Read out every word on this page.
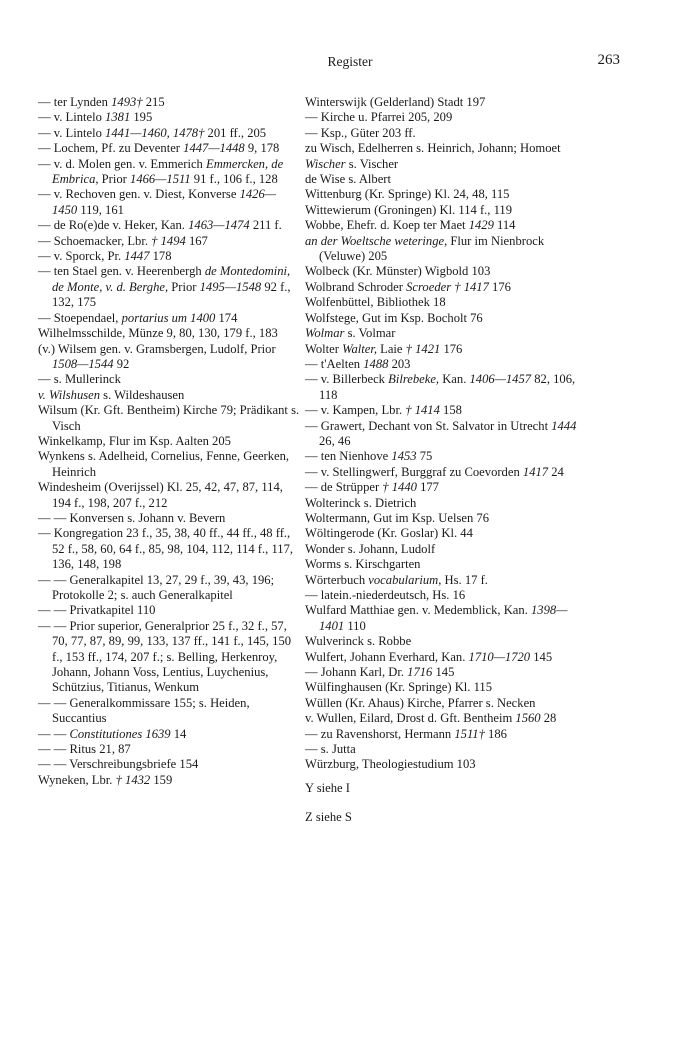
Register	263
— ter Lynden 1493† 215
— v. Lintelo 1381 195
— v. Lintelo 1441—1460, 1478† 201 ff., 205
— Lochem, Pf. zu Deventer 1447—1448 9, 178
— v. d. Molen gen. v. Emmerich Emmercken, de Embrica, Prior 1466—1511 91 f., 106 f., 128
— v. Rechoven gen. v. Diest, Konverse 1426—1450 119, 161
— de Ro(e)de v. Heker, Kan. 1463—1474 211 f.
— Schoemacker, Lbr. † 1494 167
— v. Sporck, Pr. 1447 178
— ten Stael gen. v. Heerenbergh de Montedomini, de Monte, v. d. Berghe, Prior 1495—1548 92 f., 132, 175
— Stoependael, portarius um 1400 174
Wilhelmsschilde, Münze 9, 80, 130, 179 f., 183
(v.) Wilsem gen. v. Gramsbergen, Ludolf, Prior 1508—1544 92
— s. Mullerinck
v. Wilshusen s. Wildeshausen
Wilsum (Kr. Gft. Bentheim) Kirche 79; Prädikant s. Visch
Winkelkamp, Flur im Ksp. Aalten 205
Wynkens s. Adelheid, Cornelius, Fenne, Geerken, Heinrich
Windesheim (Overijssel) Kl. 25, 42, 47, 87, 114, 194 f., 198, 207 f., 212
— — Konversen s. Johann v. Bevern
— Kongregation 23 f., 35, 38, 40 ff., 44 ff., 48 ff., 52 f., 58, 60, 64 f., 85, 98, 104, 112, 114 f., 117, 136, 148, 198
— — Generalkapitel 13, 27, 29 f., 39, 43, 196; Protokolle 2; s. auch Generalkapitel
— — Privatkapitel 110
— — Prior superior, Generalprior 25 f., 32 f., 57, 70, 77, 87, 89, 99, 133, 137 ff., 141 f., 145, 150 f., 153 ff., 174, 207 f.; s. Belling, Herkenroy, Johann, Johann Voss, Lentius, Luychenius, Schützius, Titianus, Wenkum
— — Generalkommissare 155; s. Heiden, Succantius
— — Constitutiones 1639 14
— — Ritus 21, 87
— — Verschreibungsbriefe 154
Wyneken, Lbr. † 1432 159
Winterswijk (Gelderland) Stadt 197
— Kirche u. Pfarrei 205, 209
— Ksp., Güter 203 ff.
zu Wisch, Edelherren s. Heinrich, Johann; Homoet
Wischer s. Vischer
de Wise s. Albert
Wittenburg (Kr. Springe) Kl. 24, 48, 115
Wittewierum (Groningen) Kl. 114 f., 119
Wobbe, Ehefr. d. Koep ter Maet 1429 114
an der Woeltsche weteringe, Flur im Nienbrock (Veluwe) 205
Wolbeck (Kr. Münster) Wigbold 103
Wolbrand Schroder Scroeder † 1417 176
Wolfenbüttel, Bibliothek 18
Wolfstege, Gut im Ksp. Bocholt 76
Wolmar s. Volmar
Wolter Walter, Laie † 1421 176
— t'Aelten 1488 203
— v. Billerbeck Bilrebeke, Kan. 1406—1457 82, 106, 118
— v. Kampen, Lbr. † 1414 158
— Grawert, Dechant von St. Salvator in Utrecht 1444 26, 46
— ten Nienhove 1453 75
— v. Stellingwerf, Burggraf zu Coevorden 1417 24
— de Strüpper † 1440 177
Wolterinck s. Dietrich
Woltermann, Gut im Ksp. Uelsen 76
Wöltingerode (Kr. Goslar) Kl. 44
Wonder s. Johann, Ludolf
Worms s. Kirschgarten
Wörterbuch vocabularium, Hs. 17 f.
— latein.-niederdeutsch, Hs. 16
Wulfard Matthiae gen. v. Medemblick, Kan. 1398—1401 110
Wulverinck s. Robbe
Wulfert, Johann Everhard, Kan. 1710—1720 145
— Johann Karl, Dr. 1716 145
Wülfinghausen (Kr. Springe) Kl. 115
Wüllen (Kr. Ahaus) Kirche, Pfarrer s. Necken
v. Wullen, Eilard, Drost d. Gft. Bentheim 1560 28
— zu Ravenshorst, Hermann 1511† 186
— s. Jutta
Würzburg, Theologiestudium 103
Y siehe I
Z siehe S
